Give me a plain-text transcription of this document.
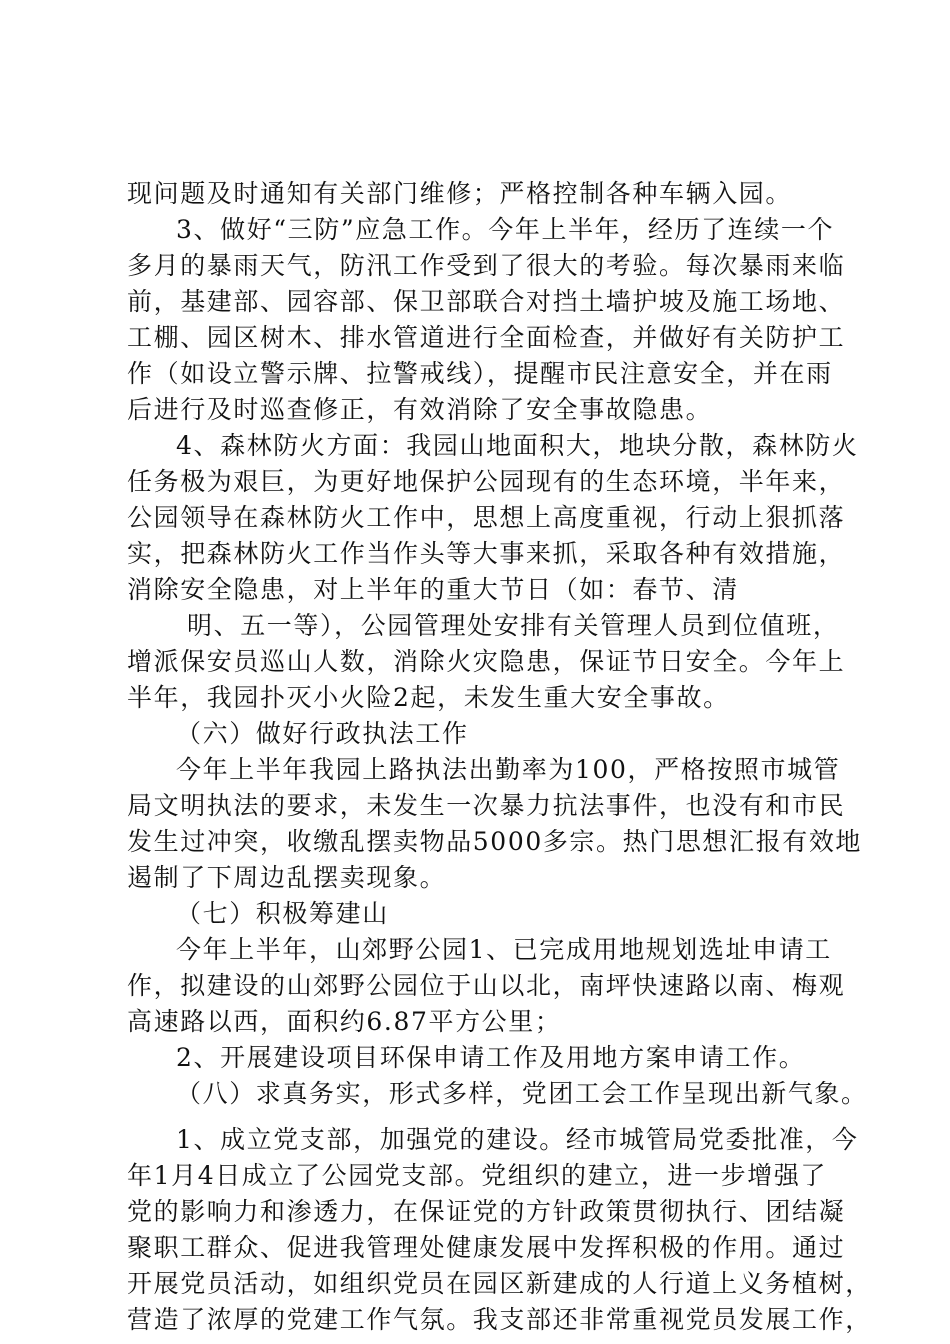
现问题及时通知有关部门维修；严格控制各种车辆入园。
3、做好“三防”应急工作。今年上半年，经历了连续一个
多月的暴雨天气，防汛工作受到了很大的考验。每次暴雨来临
前，基建部、园容部、保卫部联合对挡土墙护坡及施工场地、
工棚、园区树木、排水管道进行全面检查，并做好有关防护工
作（如设立警示牌、拉警戒线），提醒市民注意安全，并在雨
后进行及时巡查修正，有效消除了安全事故隐患。
4、森林防火方面：我园山地面积大，地块分散，森林防火
任务极为艰巨，为更好地保护公园现有的生态环境，半年来，
公园领导在森林防火工作中，思想上高度重视，行动上狠抓落
实，把森林防火工作当作头等大事来抓，采取各种有效措施，
消除安全隐患，对上半年的重大节日（如：春节、清
明、五一等），公园管理处安排有关管理人员到位值班，
增派保安员巡山人数，消除火灾隐患，保证节日安全。今年上
半年，我园扑灭小火险2起，未发生重大安全事故。
（六）做好行政执法工作
今年上半年我园上路执法出勤率为100，严格按照市城管
局文明执法的要求，未发生一次暴力抗法事件，也没有和市民
发生过冲突，收缴乱摆卖物品5000多宗。热门思想汇报有效地
遏制了下周边乱摆卖现象。
（七）积极筹建山
今年上半年，山郊野公园1、已完成用地规划选址申请工
作，拟建设的山郊野公园位于山以北，南坪快速路以南、梅观
高速路以西，面积约6.87平方公里；
2、开展建设项目环保申请工作及用地方案申请工作。
（八）求真务实，形式多样，党团工会工作呈现出新气象。
1、成立党支部，加强党的建设。经市城管局党委批准，今
年1月4日成立了公园党支部。党组织的建立，进一步增强了
党的影响力和渗透力，在保证党的方针政策贯彻执行、团结凝
聚职工群众、促进我管理处健康发展中发挥积极的作用。通过
开展党员活动，如组织党员在园区新建成的人行道上义务植树，
营造了浓厚的党建工作气氛。我支部还非常重视党员发展工作，
